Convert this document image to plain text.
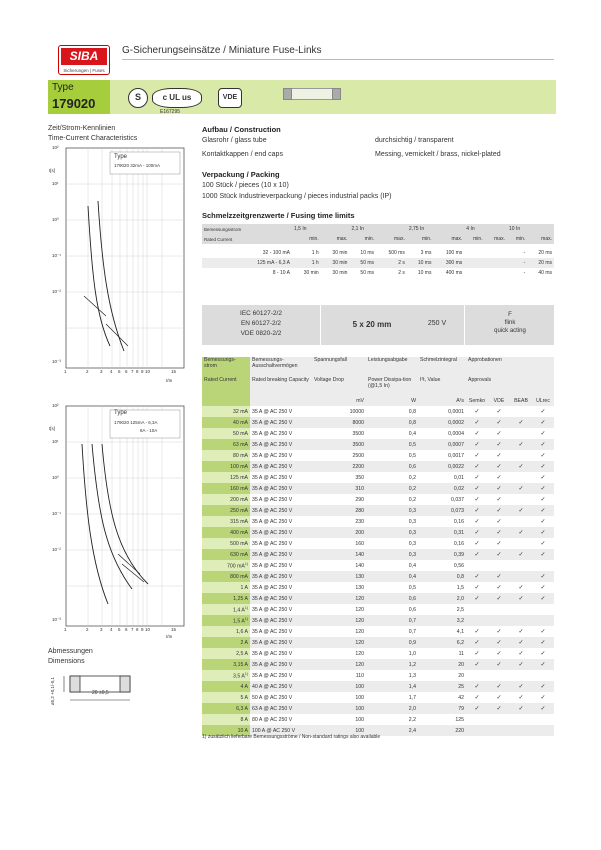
SIBA
Sicherungen | Fuses
G-Sicherungseinsätze / Miniature Fuse-Links
Type
179020	S	c UL us	VDE
E167295
Zeit/Strom-Kennlinien
Time-Current Characteristics
Type
179020 32mA - 100mA
t[s]
I/In
10²
10¹
10⁰
10⁻¹
10⁻²
10⁻³
1	2	3 4 5 6 7 8 9 10	15
Type
179020 125mA - 6,3A
8A - 10A
t[s]
I/In
10²
10¹
10⁰
10⁻¹
10⁻²
10⁻³
1	2	3 4 5 6 7 8 9 10	15
Abmessungen
Dimensions
ø5,2 +0,1/-0,1	20 ±0,5
Aufbau / Construction
Glasrohr / glass tube	durchsichtig / transparent
Kontaktkappen / end caps	Messing, vernickelt / brass, nickel-plated
Verpackung / Packing
100 Stück / pieces (10 x 10)
1000 Stück Industrieverpackung / pieces industrial packs (IP)
Schmelzzeitgrenzwerte / Fusing time limits
Bemessungsstrom	1,5 In		2,1 In		2,75 In		4 In		10 In	
Rated Current	min.	max.	min.	max.	min.	max.	min.	max.	min.	max.

32 - 100 mA	1 h	30 min	10 ms	500 ms	3 ms	100 ms			-	20 ms
125 mA - 6,3 A	1 h	30 min	50 ms	2 s	10 ms	300 ms			-	20 ms
8 - 10 A	30 min	30 min	50 ms	2 s	10 ms	400 ms			-	40 ms
IEC 60127-2/2
EN 60127-2/2
VDE 0820-2/2
5 x 20 mm	250 V
F
flink
quick acting
Bemessungs-strom	Bemessungs-Ausschaltvermögen	Spannungsfall	Leistungsabgabe	Schmelzintegral	Approbationen			
Rated Current	Rated breaking Capacity	Voltage Drop	Power Dissipa-tion (@1,5 In)	I²t, Value	Approvals			
		mV	W	A²s	Semko	VDE	BEAB	ULrec
32 mA	35 A @ AC 250 V	10000	0,8	0,0001	✓	✓		✓
40 mA	35 A @ AC 250 V	8000	0,8	0,0002	✓	✓	✓	✓
50 mA	35 A @ AC 250 V	3500	0,4	0,0004	✓	✓		✓
63 mA	35 A @ AC 250 V	3500	0,5	0,0007	✓	✓	✓	✓
80 mA	35 A @ AC 250 V	2500	0,5	0,0017	✓	✓		✓
100 mA	35 A @ AC 250 V	2200	0,6	0,0022	✓	✓	✓	✓
125 mA	35 A @ AC 250 V	350	0,2	0,01	✓	✓		✓
160 mA	35 A @ AC 250 V	310	0,2	0,02	✓	✓	✓	✓
200 mA	35 A @ AC 250 V	290	0,2	0,037	✓	✓		✓
250 mA	35 A @ AC 250 V	280	0,3	0,073	✓	✓	✓	✓
315 mA	35 A @ AC 250 V	230	0,3	0,16	✓	✓		✓
400 mA	35 A @ AC 250 V	200	0,3	0,31	✓	✓	✓	✓
500 mA	35 A @ AC 250 V	160	0,3	0,16	✓	✓		✓
630 mA	35 A @ AC 250 V	140	0,3	0,39	✓	✓	✓	✓
700 $mA^{1)}$	35 A @ AC 250 V	140	0,4	0,56				
800 mA	35 A @ AC 250 V	130	0,4	0,8	✓	✓		✓
1 A	35 A @ AC 250 V	130	0,5	1,5	✓	✓	✓	✓
1,25 A	35 A @ AC 250 V	120	0,6	2,0	✓	✓	✓	✓
1,4 $A^{1)}$	35 A @ AC 250 V	120	0,6	2,5				
1,5 $A^{1)}$	35 A @ AC 250 V	120	0,7	3,2				
1,6 A	35 A @ AC 250 V	120	0,7	4,1	✓	✓	✓	✓
2 A	35 A @ AC 250 V	120	0,9	6,2	✓	✓	✓	✓
2,5 A	35 A @ AC 250 V	120	1,0	11	✓	✓	✓	✓
3,15 A	35 A @ AC 250 V	120	1,2	20	✓	✓	✓	✓
3,5 $A^{1)}$	35 A @ AC 250 V	110	1,3	20				
4 A	40 A @ AC 250 V	100	1,4	25	✓	✓	✓	✓
5 A	50 A @ AC 250 V	100	1,7	42	✓	✓	✓	✓
6,3 A	63 A @ AC 250 V	100	2,0	79	✓	✓	✓	✓
8 A	80 A @ AC 250 V	100	2,2	125				
10 A	100 A @ AC 250 V	100	2,4	220				
1) zusätzlich lieferbare Bemessungsströme / Non-standard ratings also available
